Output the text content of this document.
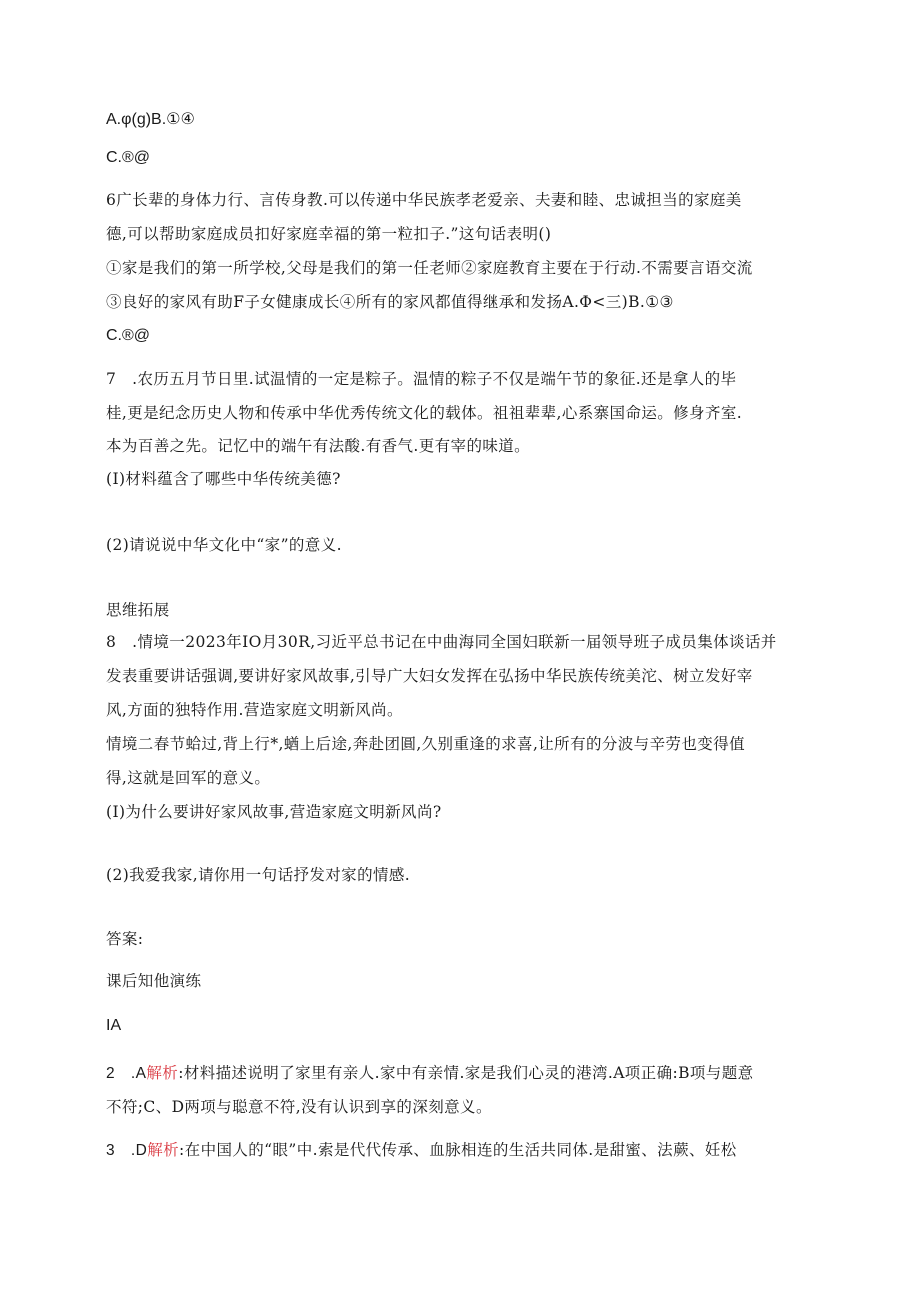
A.φ(g)B.①④
C.®@
6广长辈的身体力行、言传身教.可以传递中华民族孝老爱亲、夫妻和睦、忠诚担当的家庭美
德,可以帮助家庭成员扣好家庭幸福的第一粒扣子.”这句话表明()
①家是我们的第一所学校,父母是我们的第一任老师②家庭教育主要在于行动.不需要言语交流
③良好的家风有助F子女健康成长④所有的家风都值得继承和发扬A.Φ<三)B.①③
C.®@
7　.农历五月节日里.试温情的一定是粽子。温情的粽子不仅是端午节的象征.还是拿人的毕
桂,更是纪念历史人物和传承中华优秀传统文化的载体。祖祖辈辈,心系寨国命运。修身齐室.
本为百善之先。记忆中的端午有法酸.有香气.更有宰的味道。
(I)材料蕴含了哪些中华传统美德?
(2)请说说中华文化中“家”的意义.
思维拓展
8　.情境一2023年IO月30R,习近平总书记在中曲海同全国妇联新一届领导班子成员集体谈话并
发表重要讲话强调,要讲好家风故事,引导广大妇女发挥在弘扬中华民族传统美沱、树立发好宰
风,方面的独特作用.营造家庭文明新风尚。
情境二春节蛤过,背上行*,蝤上后途,奔赴团圓,久别重逢的求喜,让所有的分波与辛劳也变得值
得,这就是回军的意义。
(I)为什么要讲好家风故事,营造家庭文明新风尚?
(2)我爱我家,请你用一句话抒发对家的情感.
答案:
课后知他演练
IA
2　.A解析:材料描述说明了家里有亲人.家中有亲情.家是我们心灵的港湾.A项正确:B项与题意
不符;C、D两项与聪意不符,没有认识到享的深刻意义。
3　.D解析:在中国人的“眼”中.索是代代传承、血脉相连的生活共同体.是甜蜜、法蕨、妊松
